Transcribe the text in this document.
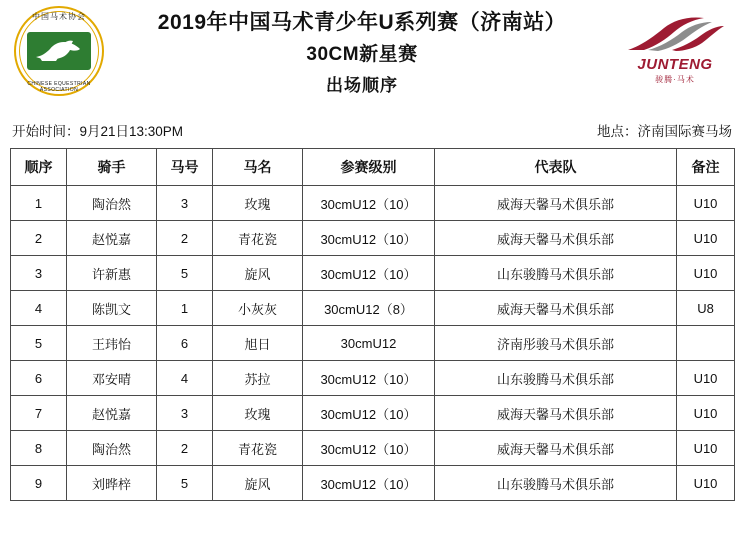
中国马术协会
CHINESE EQUESTRIAN ASSOCIATION
2019年中国马术青少年U系列赛（济南站）
30CM新星赛
出场顺序
JUNTENG
骏腾·马术
开始时间：9月21日13:30PM	地点：济南国际赛马场
顺序	骑手	马号	马名	参赛级别	代表队	备注
1	陶治然	3	玫瑰	30cmU12（10）	威海天馨马术俱乐部	U10
2	赵悦嘉	2	青花瓷	30cmU12（10）	威海天馨马术俱乐部	U10
3	许新惠	5	旋风	30cmU12（10）	山东骏腾马术俱乐部	U10
4	陈凯文	1	小灰灰	30cmU12（8）	威海天馨马术俱乐部	U8
5	王玮怡	6	旭日	30cmU12	济南彤骏马术俱乐部	
6	邓安晴	4	苏拉	30cmU12（10）	山东骏腾马术俱乐部	U10
7	赵悦嘉	3	玫瑰	30cmU12（10）	威海天馨马术俱乐部	U10
8	陶治然	2	青花瓷	30cmU12（10）	威海天馨马术俱乐部	U10
9	刘晔梓	5	旋风	30cmU12（10）	山东骏腾马术俱乐部	U10
